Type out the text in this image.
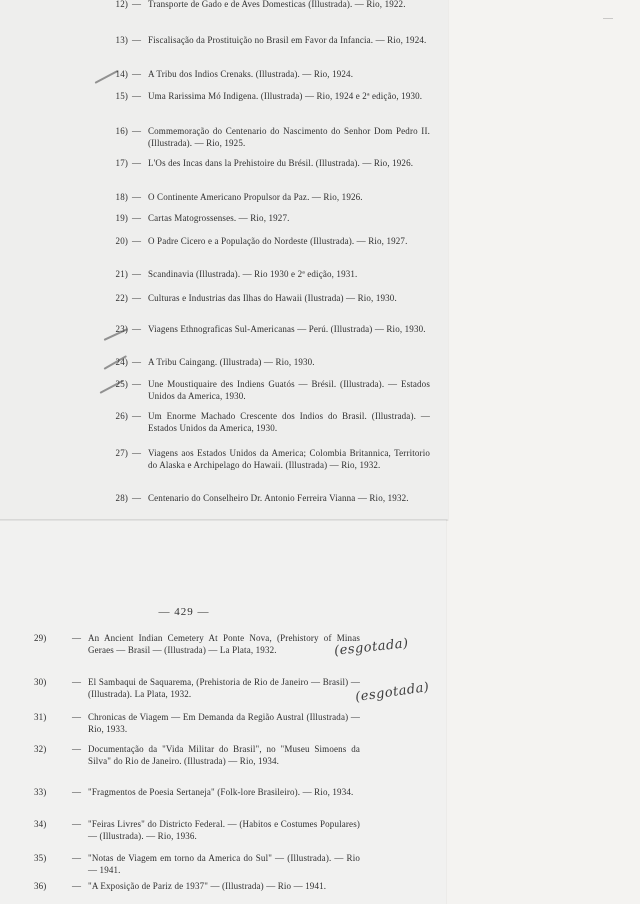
12) — Transporte de Gado e de Aves Domesticas (Illustrada). — Rio, 1922.
13) — Fiscalisação da Prostituição no Brasil em Favor da Infancia. — Rio, 1924.
14) — A Tribu dos Indios Crenaks. (Illustrada). — Rio, 1924.
15) — Uma Rarissima Mó Indigena. (Illustrada) — Rio, 1924 e 2ª edição, 1930.
16) — Commemoração do Centenario do Nascimento do Senhor Dom Pedro II. (Illustrada). — Rio, 1925.
17) — L'Os des Incas dans la Prehistoire du Brésil. (Illustrada). — Rio, 1926.
18) — O Continente Americano Propulsor da Paz. — Rio, 1926.
19) — Cartas Matogrossenses. — Rio, 1927.
20) — O Padre Cicero e a População do Nordeste (Illustrada). — Rio, 1927.
21) — Scandinavia (Illustrada). — Rio 1930 e 2ª edição, 1931.
22) — Culturas e Industrias das Ilhas do Hawaii (Ilustrada) — Rio, 1930.
23) — Viagens Ethnograficas Sul-Americanas — Perú. (Illustrada) — Rio, 1930.
24) — A Tribu Caingang. (Illustrada) — Rio, 1930.
25) — Une Moustiquaire des Indiens Guatós — Brésil. (Illustrada). — Estados Unidos da America, 1930.
26) — Um Enorme Machado Crescente dos Indios do Brasil. (Illustrada). — Estados Unidos da America, 1930.
27) — Viagens aos Estados Unidos da America; Colombia Britannica, Territorio do Alaska e Archipelago do Hawaii. (Illustrada) — Rio, 1932.
28) — Centenario do Conselheiro Dr. Antonio Ferreira Vianna — Rio, 1932.
— 429 —
29)	— An Ancient Indian Cemetery At Ponte Nova, (Prehistory of Minas Geraes — Brasil — (Illustrada) — La Plata, 1932.
30)	— El Sambaqui de Saquarema, (Prehistoria de Rio de Janeiro — Brasil) — (Illustrada). La Plata, 1932.
31)	— Chronicas de Viagem — Em Demanda da Região Austral (Illustrada) — Rio, 1933.
32)	— Documentação da "Vida Militar do Brasil", no "Museu Simoens da Silva" do Rio de Janeiro. (Illustrada) — Rio, 1934.
33)	— "Fragmentos de Poesia Sertaneja" (Folk-lore Brasileiro). — Rio, 1934.
34)	— "Feiras Livres" do Districto Federal. — (Habitos e Costumes Populares) — (Illustrada). — Rio, 1936.
35)	— "Notas de Viagem em torno da America do Sul" — (Illustrada). — Rio — 1941.
36)	— "A Exposição de Pariz de 1937" — (Illustrada) — Rio — 1941.
(esgotada)
(esgotada)
